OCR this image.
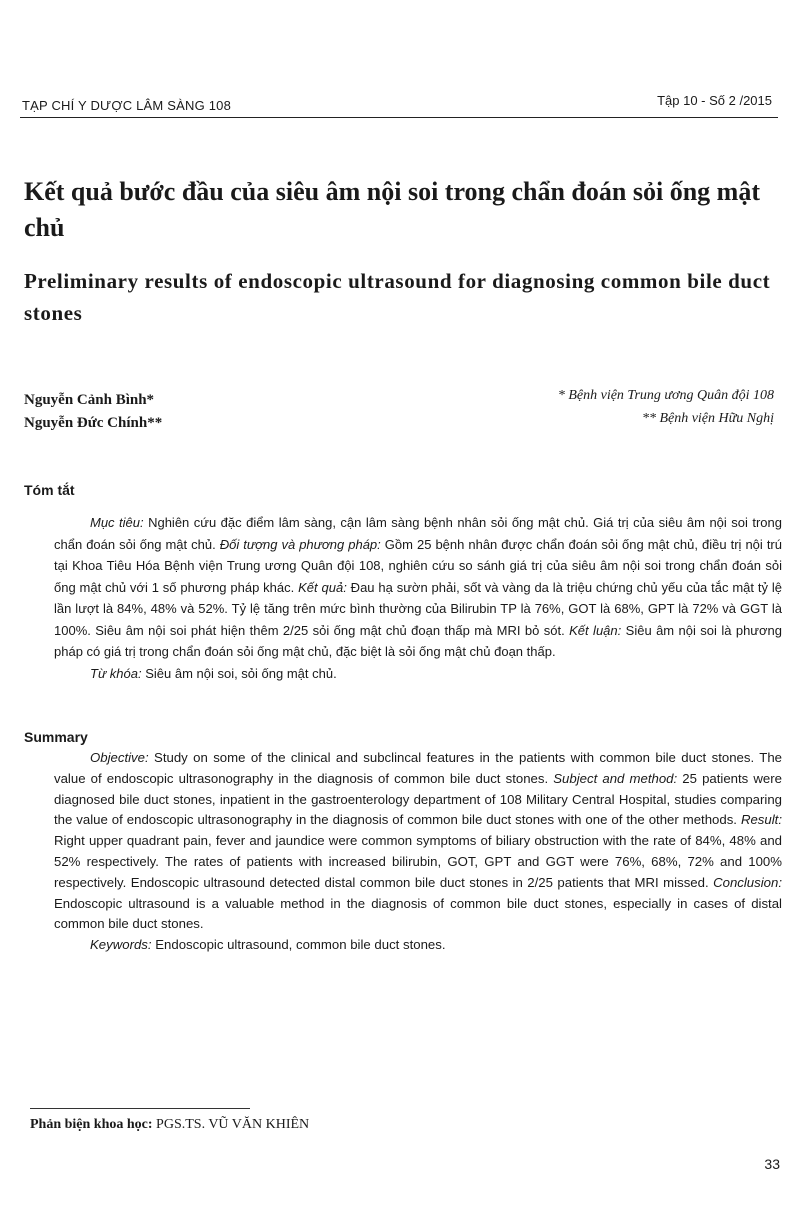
TẠP CHÍ Y DƯỢC LÂM SÀNG 108	Tập 10 - Số 2 /2015
Kết quả bước đầu của siêu âm nội soi trong chẩn đoán sỏi ống mật chủ
Preliminary results of endoscopic ultrasound for diagnosing common bile duct stones
Nguyễn Cảnh Bình*
Nguyễn Đức Chính**
* Bệnh viện Trung ương Quân đội 108
** Bệnh viện Hữu Nghị
Tóm tắt

Mục tiêu: Nghiên cứu đặc điểm lâm sàng, cận lâm sàng bệnh nhân sỏi ống mật chủ. Giá trị của siêu âm nội soi trong chẩn đoán sỏi ống mật chủ. Đối tượng và phương pháp: Gồm 25 bệnh nhân được chẩn đoán sỏi ống mật chủ, điều trị nội trú tại Khoa Tiêu Hóa Bệnh viện Trung ương Quân đội 108, nghiên cứu so sánh giá trị của siêu âm nội soi trong chẩn đoán sỏi ống mật chủ với 1 số phương pháp khác. Kết quả: Đau hạ sườn phải, sốt và vàng da là triệu chứng chủ yếu của tắc mật tỷ lệ lần lượt là 84%, 48% và 52%. Tỷ lệ tăng trên mức bình thường của Bilirubin TP là 76%, GOT là 68%, GPT là 72% và GGT là 100%. Siêu âm nội soi phát hiện thêm 2/25 sỏi ống mật chủ đoạn thấp mà MRI bỏ sót. Kết luận: Siêu âm nội soi là phương pháp có giá trị trong chẩn đoán sỏi ống mật chủ, đặc biệt là sỏi ống mật chủ đoạn thấp.

Từ khóa: Siêu âm nội soi, sỏi ống mật chủ.

Summary

Objective: Study on some of the clinical and subclincal features in the patients with common bile duct stones. The value of endoscopic ultrasonography in the diagnosis of common bile duct stones. Subject and method: 25 patients were diagnosed bile duct stones, inpatient in the gastroenterology department of 108 Military Central Hospital, studies comparing the value of endoscopic ultrasonography in the diagnosis of common bile duct stones with one of the other methods. Result: Right upper quadrant pain, fever and jaundice were common symptoms of biliary obstruction with the rate of 84%, 48% and 52% respectively. The rates of patients with increased bilirubin, GOT, GPT and GGT were 76%, 68%, 72% and 100% respectively. Endoscopic ultrasound detected distal common bile duct stones in 2/25 patients that MRI missed. Conclusion: Endoscopic ultrasound is a valuable method in the diagnosis of common bile duct stones, especially in cases of distal common bile duct stones.

Keywords: Endoscopic ultrasound, common bile duct stones.

Phản biện khoa học: PGS.TS. VŨ VĂN KHIÊN
33
